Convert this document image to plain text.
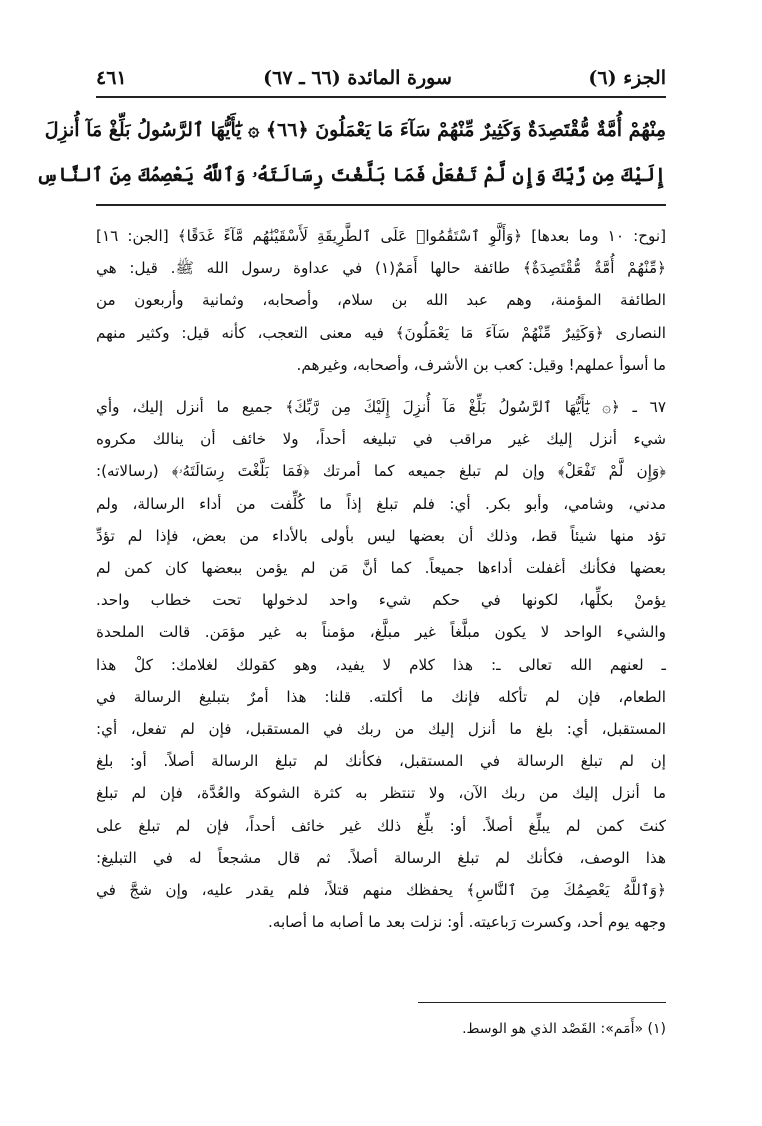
الجزء (٦)
سورة المائدة (٦٦ ـ ٦٧)
٤٦١

مِنْهُمْ أُمَّةٌ مُّقْتَصِدَةٌ وَكَثِيرٌ مِّنْهُمْ سَآءَ مَا يَعْمَلُونَ ﴿٦٦﴾ ۞ يَٰٓأَيُّهَا ٱلرَّسُولُ بَلِّغْ مَآ أُنزِلَ

إِلَيْكَ مِن رَّبِّكَ وَإِن لَّمْ تَفْعَلْ فَمَا بَلَّغْتَ رِسَالَتَهُۥ وَٱللَّهُ يَعْصِمُكَ مِنَ ٱلنَّاسِ

[نوح: ١٠ وما بعدها] ﴿وَأَلَّوِ ٱسْتَقَٰمُوا۟ عَلَى ٱلطَّرِيقَةِ لَأَسْقَيْنَٰهُم مَّآءً غَدَقًا﴾ [الجن: ١٦]

﴿مِّنْهُمْ أُمَّةٌ مُّقْتَصِدَةٌ﴾ طائفة حالها أَمَمٌ(١) في عداوة رسول الله ﷺ. قيل: هي

الطائفة المؤمنة، وهم عبد الله بن سلام، وأصحابه، وثمانية وأربعون من

النصارى ﴿وَكَثِيرٌ مِّنْهُمْ سَآءَ مَا يَعْمَلُونَ﴾ فيه معنى التعجب، كأنه قيل: وكثير منهم

ما أسوأ عملهم! وقيل: كعب بن الأشرف، وأصحابه، وغيرهم.

٦٧ ـ ﴿۞ يَٰٓأَيُّهَا ٱلرَّسُولُ بَلِّغْ مَآ أُنزِلَ إِلَيْكَ مِن رَّبِّكَ﴾ جميع ما أنزل إليك، وأي

شيء أنزل إليك غير مراقب في تبليغه أحداً، ولا خائف أن ينالك مكروه

﴿وَإِن لَّمْ تَفْعَلْ﴾ وإن لم تبلغ جميعه كما أمرتك ﴿فَمَا بَلَّغْتَ رِسَالَتَهُۥ﴾ (رسالاته):

مدني، وشامي، وأبو بكر. أي: فلم تبلغ إذاً ما كُلِّفت من أداء الرسالة، ولم

تؤد منها شيئاً قط، وذلك أن بعضها ليس بأولى بالأداء من بعض، فإذا لم تؤدِّ

بعضها فكأنك أغفلت أداءها جميعاً. كما أنَّ مَن لم يؤمن ببعضها كان كمن لم

يؤمنْ بكلِّها، لكونها في حكم شيء واحد لدخولها تحت خطاب واحد.

والشيء الواحد لا يكون مبلَّغاً غير مبلَّغ، مؤمناً به غير مؤمَن. قالت الملحدة

ـ لعنهم الله تعالى ـ: هذا كلام لا يفيد، وهو كقولك لغلامك: كلْ هذا

الطعام، فإن لم تأكله فإنك ما أكلته. قلنا: هذا أمرٌ بتبليغ الرسالة في

المستقبل، أي: بلغ ما أنزل إليك من ربك في المستقبل، فإن لم تفعل، أي:

إن لم تبلغ الرسالة في المستقبل، فكأنك لم تبلغ الرسالة أصلاً. أو: بلغ

ما أنزل إليك من ربك الآن، ولا تنتظر به كثرة الشوكة والعُدَّة، فإن لم تبلغ

كنتَ كمن لم يبلِّغ أصلاً. أو: بلِّغ ذلك غير خائف أحداً، فإن لم تبلغ على

هذا الوصف، فكأنك لم تبلغ الرسالة أصلاً. ثم قال مشجعاً له في التبليغ:

﴿وَٱللَّهُ يَعْصِمُكَ مِنَ ٱلنَّاسِ﴾ يحفظك منهم قتلاً، فلم يقدر عليه، وإن شجَّ في

وجهه يوم أحد، وكسرت رَباعيته. أو: نزلت بعد ما أصابه ما أصابه.

(١) «أَمَم»: القَصْد الذي هو الوسط.
